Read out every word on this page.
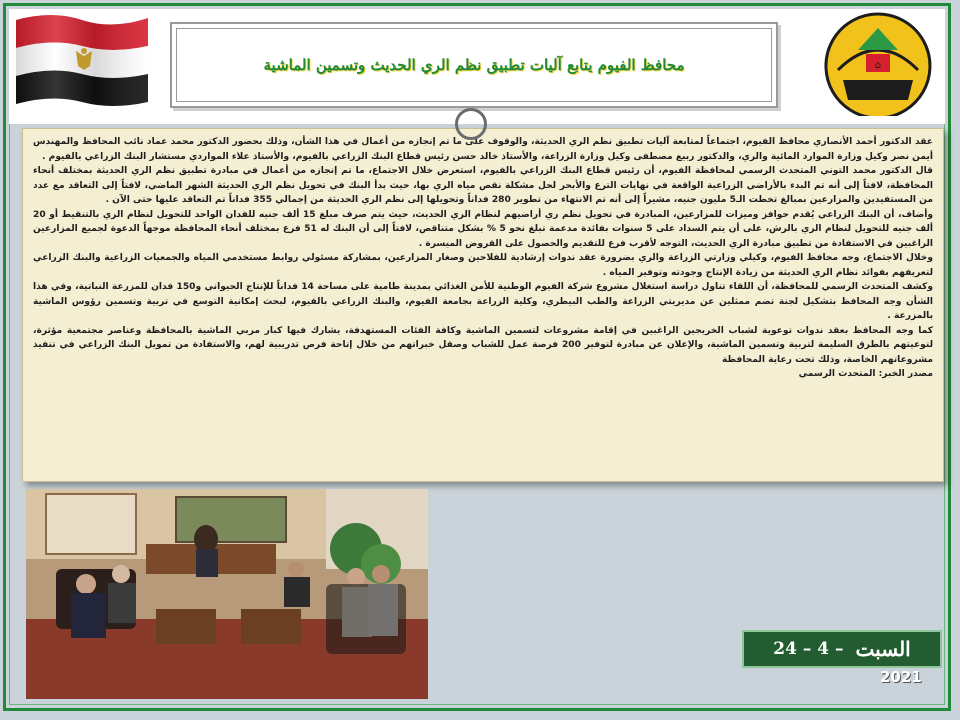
⌂
محافظ الفيوم يتابع آليات تطبيق نظم الري الحديث وتسمين الماشية

عقد الدكتور أحمد الأنصاري محافظ الفيوم، اجتماعاً لمتابعة آليات تطبيق نظم الري الحديثة، والوقوف على ما تم إنجازه من أعمال في هذا الشأن، وذلك بحضور الدكتور محمد عماد نائب المحافظ والمهندس أيمن نصر وكيل وزارة الموارد المائية والري، والدكتور ربيع مصطفى وكيل وزارة الزراعة، والأستاذ خالد حسن رئيس قطاع البنك الزراعي بالفيوم، والأستاذ علاء المواردي مستشار البنك الزراعي بالفيوم .

قال الدكتور محمد التوني المتحدث الرسمي لمحافظة الفيوم، أن رئيس قطاع البنك الزراعي بالفيوم، استعرض خلال الاجتماع، ما تم إنجازه من أعمال في مبادرة تطبيق نظم الري الحديثة بمختلف أنحاء المحافظة، لافتاً إلى أنه تم البدء بالأراضي الزراعية الواقعة في نهايات الترع والأبحر لحل مشكلة نقص مياه الري بها، حيث بدأ البنك في تحويل نظم الري الحديثة الشهر الماضي، لافتاً إلى التعاقد مع عدد من المستفيدين والمزارعين بمبالغ تخطت الـ5 مليون جنيه، مشيراً إلى أنه تم الانتهاء من تطوير 280 فداناً وتحويلها إلى نظم الري الحديثة من إجمالي 355 فداناً تم التعاقد عليها حتى الآن .

وأضاف، أن البنك الزراعي يُقدم حوافز وميزات للمزارعين، المبادرة في تحويل نظم ري أراضيهم لنظام الري الحديث، حيث يتم صرف مبلغ 15 ألف جنيه للفدان الواحد للتحويل لنظام الري بالتنقيط أو 20 ألف جنيه للتحويل لنظام الري بالرش، على أن يتم السداد على 5 سنوات بفائدة مدعمة تبلغ نحو 5 % بشكل متناقص، لافتاً إلى أن البنك له 51 فرع بمختلف أنحاء المحافظة موجهاً الدعوة لجميع المزارعين الراغبين في الاستفادة من تطبيق مبادرة الري الحديث، التوجه لأقرب فرع للتقديم والحصول على القروض الميسرة .

وخلال الاجتماع، وجه محافظ الفيوم، وكيلي وزارتي الزراعة والري بضرورة عقد ندوات إرشادية للفلاحين وصغار المزارعين، بمشاركة مسئولي روابط مستخدمي المياه والجمعيات الزراعية والبنك الزراعي لتعريفهم بفوائد نظام الري الحديثة من زيادة الإنتاج وجودته وتوفير المياه .

وكشف المتحدث الرسمي للمحافظة، أن اللقاء تناول دراسة استغلال مشروع شركة الفيوم الوطنية للأمن الغذائي بمدينة طامية على مساحة 14 فداناً للإنتاج الحيواني و150 فدان للمزرعة النباتية، وفي هذا الشأن وجه المحافظ بتشكيل لجنة تضم ممثلين عن مديريتي الزراعة والطب البيطري، وكلية الزراعة بجامعة الفيوم، والبنك الزراعي بالفيوم، لبحث إمكانية التوسع في تربية وتسمين رؤوس الماشية بالمزرعة .

كما وجه المحافظ بعقد ندوات توعوية لشباب الخريجين الراغبين في إقامة مشروعات لتسمين الماشية وكافة الفئات المستهدفة، يشارك فيها كبار مربي الماشية بالمحافظة وعناصر مجتمعية مؤثرة، لتوعيتهم بالطرق السليمة لتربية وتسمين الماشية، والإعلان عن مبادرة لتوفير 200 فرصة عمل للشباب وصقل خبراتهم من خلال إتاحة فرص تدريبية لهم، والاستفادة من تمويل البنك الزراعي في تنفيذ مشروعاتهم الخاصة، وذلك تحت رعاية المحافظة

مصدر الخبر: المتحدث الرسمي

السبت
24 – 4 –
2021
